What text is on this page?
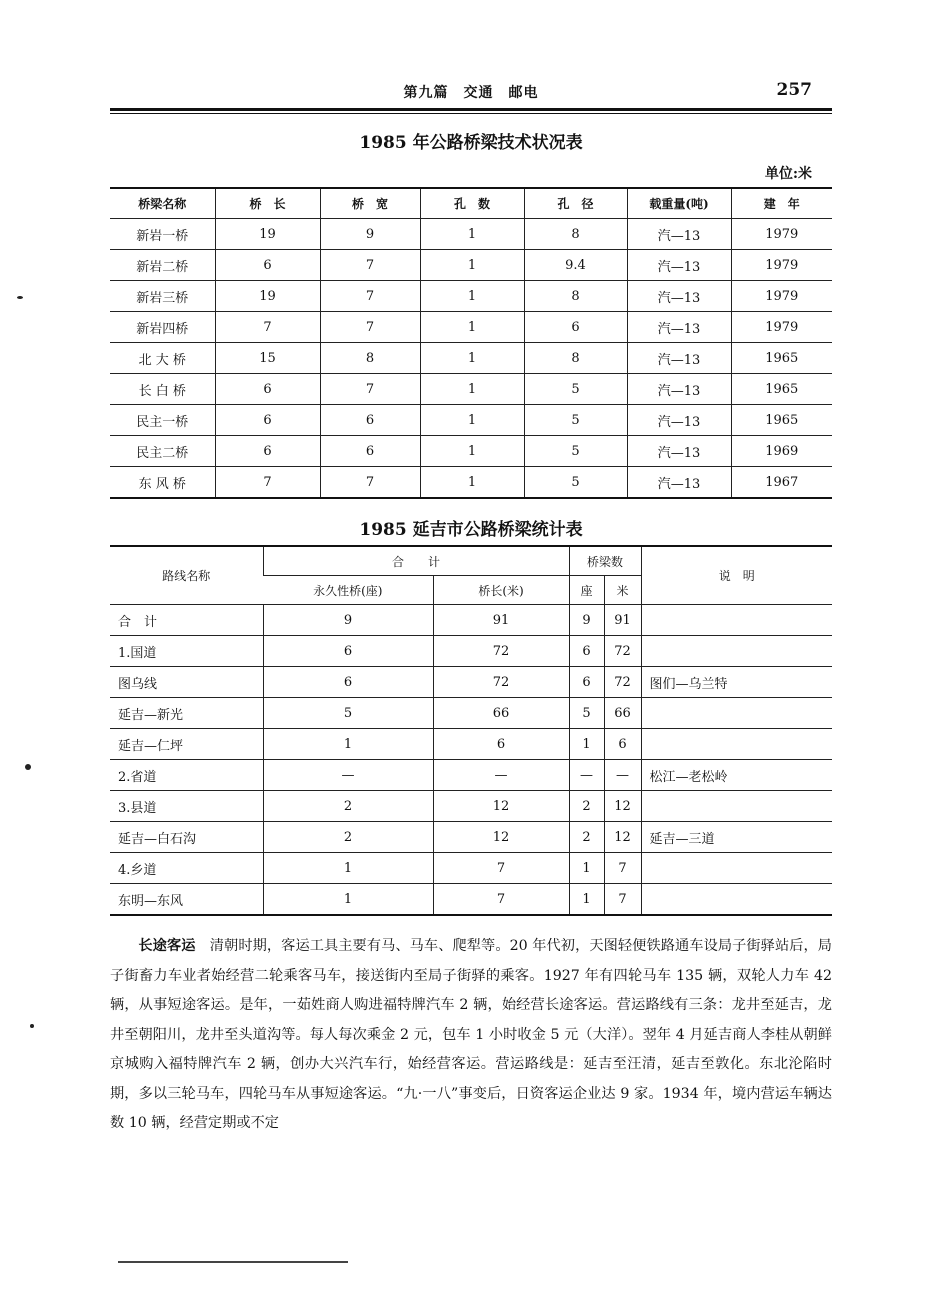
第九篇　交通　邮电	257
1985 年公路桥梁技术状况表
单位:米
桥梁名称	桥　长	桥　宽	孔　数	孔　径	载重量(吨)	建　年
新岩一桥	19	9	1	8	汽—13	1979
新岩二桥	6	7	1	9.4	汽—13	1979
新岩三桥	19	7	1	8	汽—13	1979
新岩四桥	7	7	1	6	汽—13	1979
北 大 桥	15	8	1	8	汽—13	1965
长 白 桥	6	7	1	5	汽—13	1965
民主一桥	6	6	1	5	汽—13	1965
民主二桥	6	6	1	5	汽—13	1969
东 风 桥	7	7	1	5	汽—13	1967
1985 延吉市公路桥梁统计表
路线名称	合　　计		桥梁数		说　明
	永久性桥(座)	桥长(米)	座	米	
合　计	9	91	9	91	
1.国道	6	72	6	72	
图乌线	6	72	6	72	图们—乌兰特
延吉—新光	5	66	5	66	
延吉—仁坪	1	6	1	6	
2.省道	—	—	—	—	松江—老松岭
3.县道	2	12	2	12	
延吉—白石沟	2	12	2	12	延吉—三道
4.乡道	1	7	1	7	
东明—东风	1	7	1	7	

长途客运　清朝时期，客运工具主要有马、马车、爬犁等。20 年代初，天图轻便铁路通车设局子街驿站后，局子街畜力车业者始经营二轮乘客马车，接送街内至局子街驿的乘客。1927 年有四轮马车 135 辆，双轮人力车 42 辆，从事短途客运。是年，一茹姓商人购进福特牌汽车 2 辆，始经营长途客运。营运路线有三条：龙井至延吉，龙井至朝阳川，龙井至头道沟等。每人每次乘金 2 元，包车 1 小时收金 5 元（大洋）。翌年 4 月延吉商人李桂从朝鲜京城购入福特牌汽车 2 辆，创办大兴汽车行，始经营客运。营运路线是：延吉至汪清，延吉至敦化。东北沦陷时期，多以三轮马车，四轮马车从事短途客运。“九·一八”事变后，日资客运企业达 9 家。1934 年，境内营运车辆达数 10 辆，经营定期或不定
